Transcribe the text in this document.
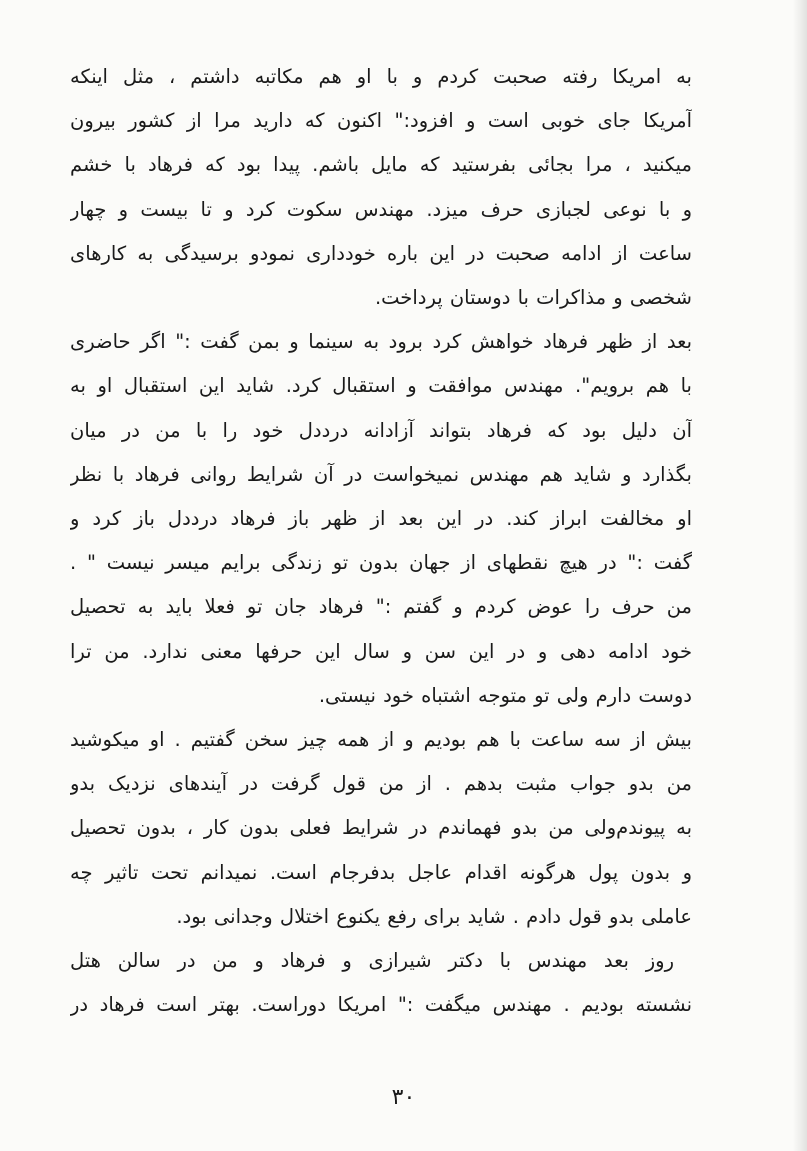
به امریکا رفته صحبت کردم و با او هم مکاتبه داشتم ، مثل اینکه
آمریکا جای خوبی است و افزود:" اکنون که دارید مرا از کشور بیرون
میکنید ، مرا بجائی بفرستید که مایل باشم. پیدا بود که فرهاد با خشم
و با نوعی لجبازی حرف میزد. مهندس سکوت کرد و تا بیست و چهار
ساعت از ادامه صحبت در این باره خودداری نمودو برسیدگی به کارهای
شخصی و مذاکرات با دوستان پرداخت.
بعد از ظهر فرهاد خواهش کرد برود به سینما و بمن گفت :" اگر حاضری
با هم برویم". مهندس موافقت و استقبال کرد. شاید این استقبال او به
آن دلیل بود که فرهاد بتواند آزادانه درددل خود را با من در میان
بگذارد و شاید هم مهندس نمیخواست در آن شرایط روانی فرهاد با نظر
او مخالفت ابراز کند. در این بعد از ظهر باز فرهاد درددل باز کرد و
گفت :" در هیچ نقطهای از جهان بدون تو زندگی برایم میسر نیست " .
من حرف را عوض کردم و گفتم :" فرهاد جان تو فعلا باید به تحصیل
خود ادامه دهی و در این سن و سال این حرفها معنی ندارد. من ترا
دوست دارم ولی تو متوجه اشتباه خود نیستی.
بیش از سه ساعت با هم بودیم و از همه چیز سخن گفتیم . او میکوشید
من بدو جواب مثبت بدهم . از من قول گرفت در آیندهای نزدیک بدو
به پیوندم‌ولی من بدو فهماندم در شرایط فعلی بدون کار ، بدون تحصیل
و بدون پول هرگونه اقدام عاجل بدفرجام است. نمیدانم تحت تاثیر چه
عاملی بدو قول دادم . شاید برای رفع یکنوع اختلال وجدانی بود.
روز بعد مهندس با دکتر شیرازی و فرهاد و من در سالن هتل
نشسته بودیم . مهندس میگفت :" امریکا دوراست. بهتر است فرهاد در
۳۰
